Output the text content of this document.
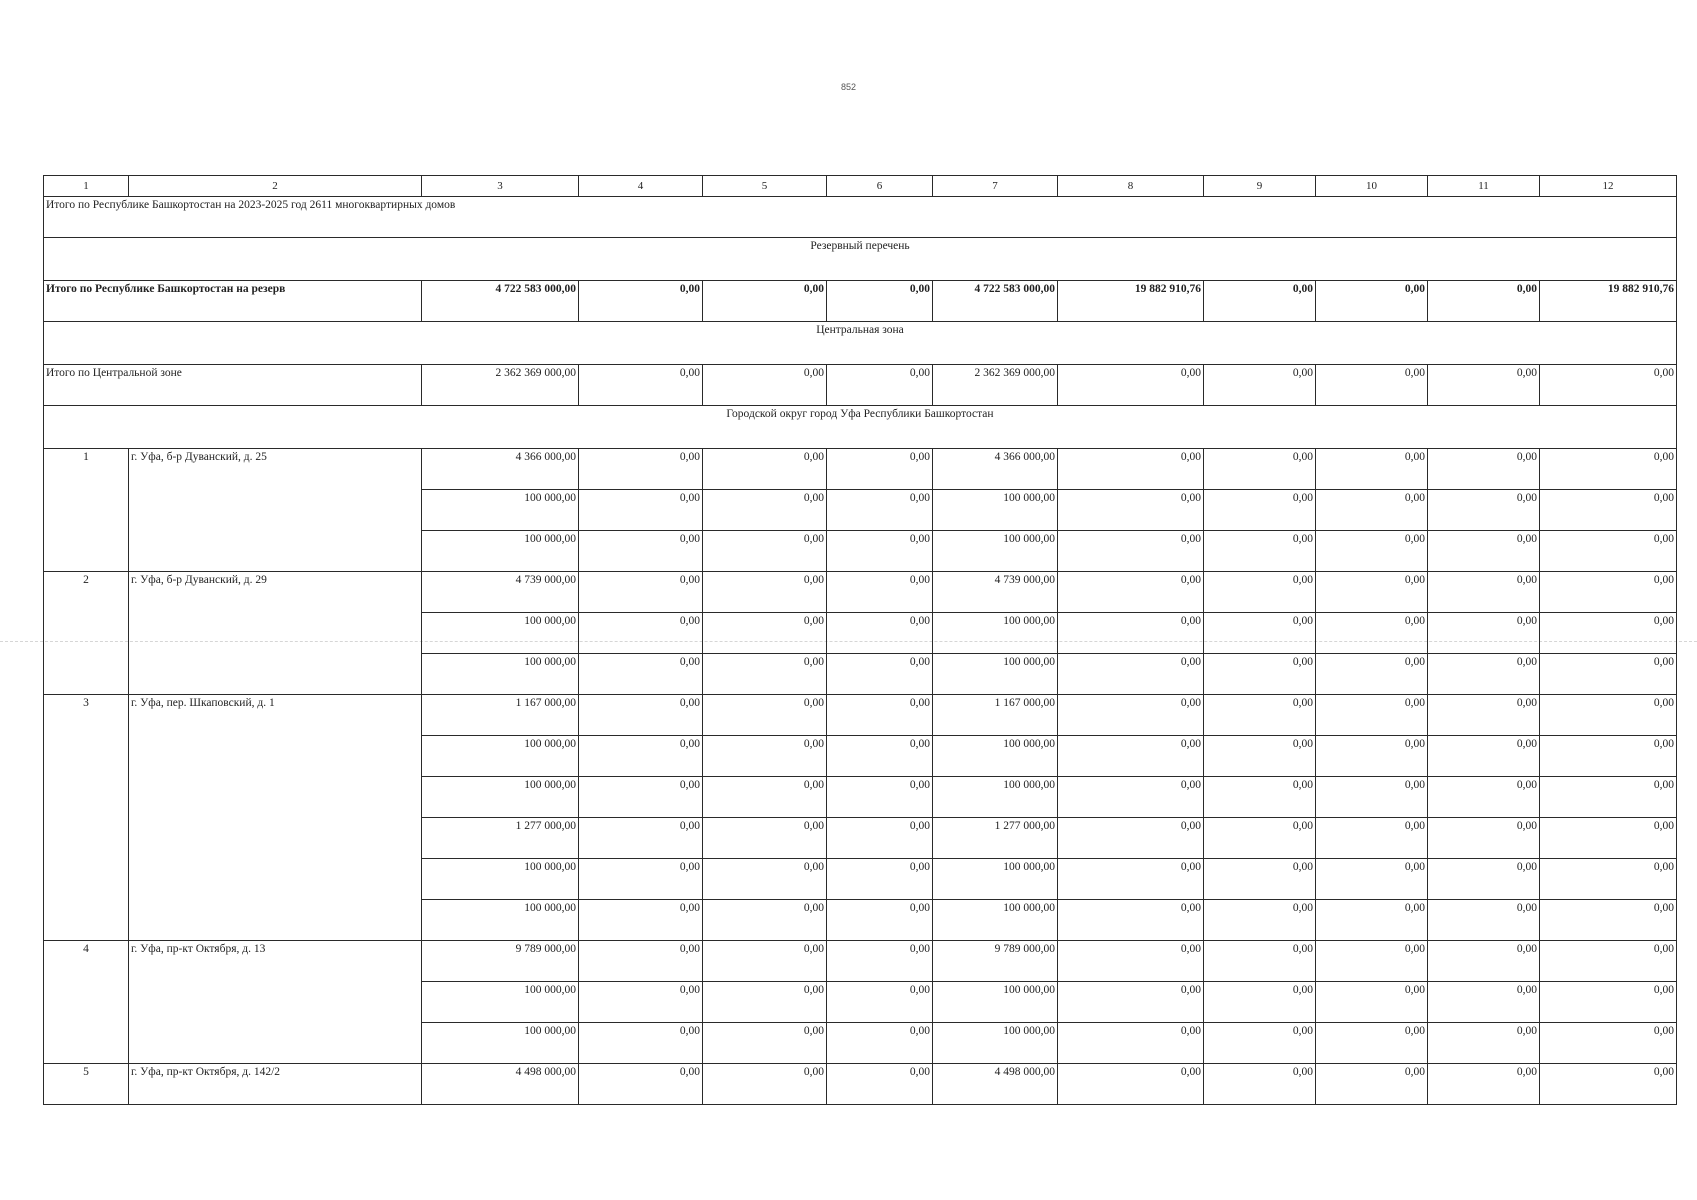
852
1	2	3	4	5	6	7	8	9	10	11	12
Итого по Республике Башкортостан на 2023-2025 год 2611 многоквартирных домов											
Резервный перечень											
Итого по Республике Башкортостан на резерв		4 722 583 000,00	0,00	0,00	0,00	4 722 583 000,00	19 882 910,76	0,00	0,00	0,00	19 882 910,76
Центральная зона											
Итого по Центральной зоне		2 362 369 000,00	0,00	0,00	0,00	2 362 369 000,00	0,00	0,00	0,00	0,00	0,00
Городской округ город Уфа Республики Башкортостан											
1	г. Уфа, б-р Дуванский, д. 25	4 366 000,00	0,00	0,00	0,00	4 366 000,00	0,00	0,00	0,00	0,00	0,00
		100 000,00	0,00	0,00	0,00	100 000,00	0,00	0,00	0,00	0,00	0,00
		100 000,00	0,00	0,00	0,00	100 000,00	0,00	0,00	0,00	0,00	0,00
2	г. Уфа, б-р Дуванский, д. 29	4 739 000,00	0,00	0,00	0,00	4 739 000,00	0,00	0,00	0,00	0,00	0,00
		100 000,00	0,00	0,00	0,00	100 000,00	0,00	0,00	0,00	0,00	0,00
		100 000,00	0,00	0,00	0,00	100 000,00	0,00	0,00	0,00	0,00	0,00
3	г. Уфа, пер. Шкаповский, д. 1	1 167 000,00	0,00	0,00	0,00	1 167 000,00	0,00	0,00	0,00	0,00	0,00
		100 000,00	0,00	0,00	0,00	100 000,00	0,00	0,00	0,00	0,00	0,00
		100 000,00	0,00	0,00	0,00	100 000,00	0,00	0,00	0,00	0,00	0,00
		1 277 000,00	0,00	0,00	0,00	1 277 000,00	0,00	0,00	0,00	0,00	0,00
		100 000,00	0,00	0,00	0,00	100 000,00	0,00	0,00	0,00	0,00	0,00
		100 000,00	0,00	0,00	0,00	100 000,00	0,00	0,00	0,00	0,00	0,00
4	г. Уфа, пр-кт Октября, д. 13	9 789 000,00	0,00	0,00	0,00	9 789 000,00	0,00	0,00	0,00	0,00	0,00
		100 000,00	0,00	0,00	0,00	100 000,00	0,00	0,00	0,00	0,00	0,00
		100 000,00	0,00	0,00	0,00	100 000,00	0,00	0,00	0,00	0,00	0,00
5	г. Уфа, пр-кт Октября, д. 142/2	4 498 000,00	0,00	0,00	0,00	4 498 000,00	0,00	0,00	0,00	0,00	0,00
